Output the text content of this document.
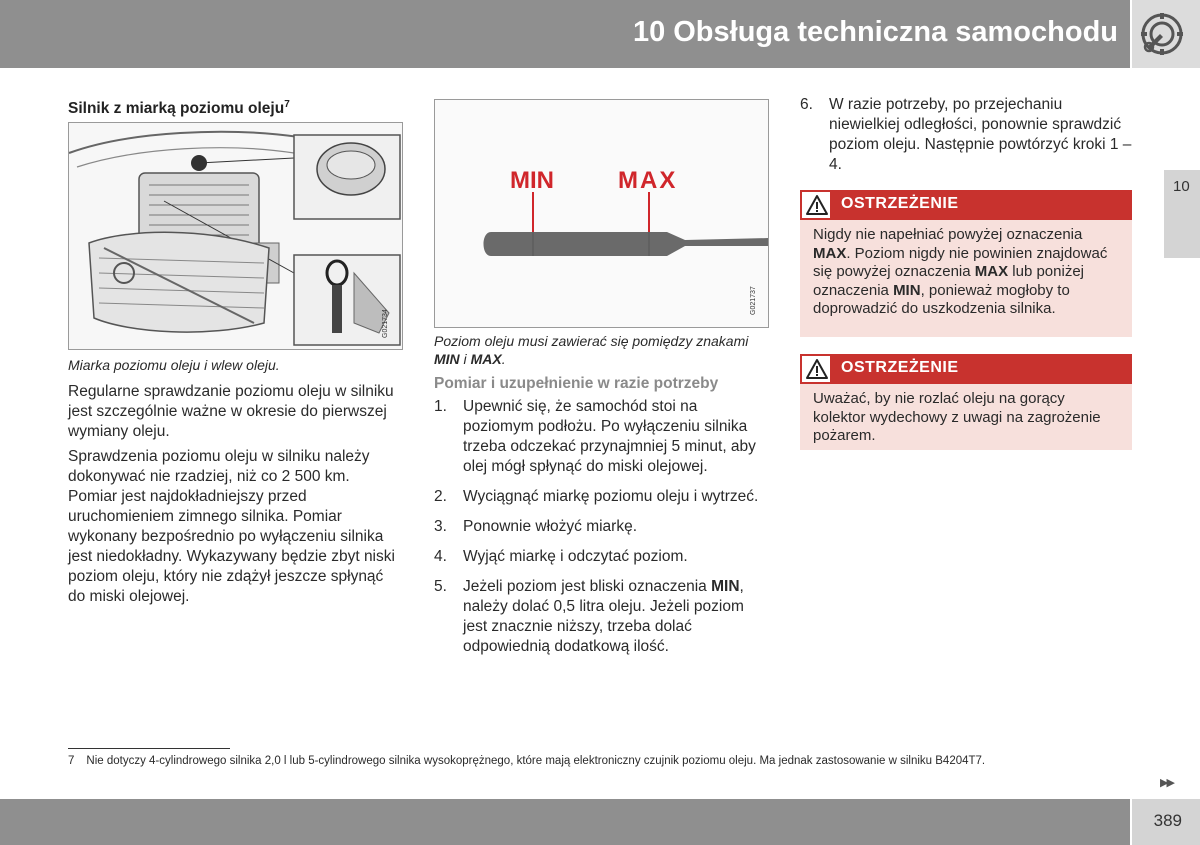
10 Obsługa techniczna samochodu
10
Silnik z miarką poziomu oleju$^7$
G021734
Miarka poziomu oleju i wlew oleju.

Regularne sprawdzanie poziomu oleju w silniku jest szczególnie ważne w okresie do pierwszej wymiany oleju.

Sprawdzenia poziomu oleju w silniku należy dokonywać nie rzadziej, niż co 2 500 km. Pomiar jest najdokładniejszy przed uruchomieniem zimnego silnika. Pomiar wykonany bezpośrednio po wyłączeniu silnika jest niedokładny. Wykazywany będzie zbyt niski poziom oleju, który nie zdążył jeszcze spłynąć do miski olejowej.

MIN	MAX
G021737
Poziom oleju musi zawierać się pomiędzy znakami MIN i MAX.
Pomiar i uzupełnienie w razie potrzeby
1. Upewnić się, że samochód stoi na poziomym podłożu. Po wyłączeniu silnika trzeba odczekać przynajmniej 5 minut, aby olej mógł spłynąć do miski olejowej.
2. Wyciągnąć miarkę poziomu oleju i wytrzeć.
3. Ponownie włożyć miarkę.
4. Wyjąć miarkę i odczytać poziom.
5. Jeżeli poziom jest bliski oznaczenia MIN, należy dolać 0,5 litra oleju. Jeżeli poziom jest znacznie niższy, trzeba dolać odpowiednią dodatkową ilość.
6. W razie potrzeby, po przejechaniu niewielkiej odległości, ponownie sprawdzić poziom oleju. Następnie powtórzyć kroki 1 – 4.
OSTRZEŻENIE
Nigdy nie napełniać powyżej oznaczenia MAX. Poziom nigdy nie powinien znajdować się powyżej oznaczenia MAX lub poniżej oznaczenia MIN, ponieważ mogłoby to doprowadzić do uszkodzenia silnika.
OSTRZEŻENIE
Uważać, by nie rozlać oleju na gorący kolektor wydechowy z uwagi na zagrożenie pożarem.
7 Nie dotyczy 4-cylindrowego silnika 2,0 l lub 5-cylindrowego silnika wysokoprężnego, które mają elektroniczny czujnik poziomu oleju. Ma jednak zastosowanie w silniku B4204T7.
▶▶
389
